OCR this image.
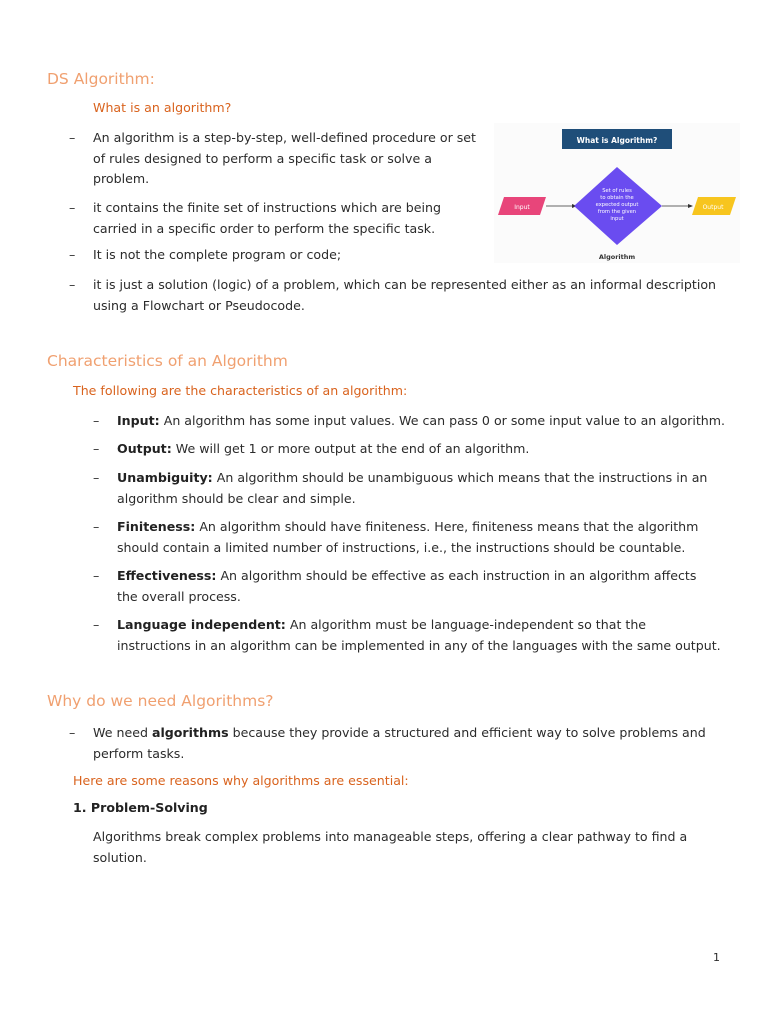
DS Algorithm:

What is an algorithm?

– An algorithm is a step-by-step, well-defined procedure or set of rules designed to perform a specific task or solve a problem.
– it contains the finite set of instructions which are being carried in a specific order to perform the specific task.
– It is not the complete program or code;
– it is just a solution (logic) of a problem, which can be represented either as an informal description using a Flowchart or Pseudocode.
What is Algorithm?
Input
Set of rules
to obtain the
expected output
from the given
input
Output
Algorithm
Characteristics of an Algorithm

The following are the characteristics of an algorithm:

– Input: An algorithm has some input values. We can pass 0 or some input value to an algorithm.
– Output: We will get 1 or more output at the end of an algorithm.
– Unambiguity: An algorithm should be unambiguous which means that the instructions in an algorithm should be clear and simple.
– Finiteness: An algorithm should have finiteness. Here, finiteness means that the algorithm should contain a limited number of instructions, i.e., the instructions should be countable.
– Effectiveness: An algorithm should be effective as each instruction in an algorithm affects the overall process.
– Language independent: An algorithm must be language-independent so that the instructions in an algorithm can be implemented in any of the languages with the same output.
Why do we need Algorithms?
– We need algorithms because they provide a structured and efficient way to solve problems and perform tasks.

Here are some reasons why algorithms are essential:

1. Problem-Solving

Algorithms break complex problems into manageable steps, offering a clear pathway to find a solution.

1
